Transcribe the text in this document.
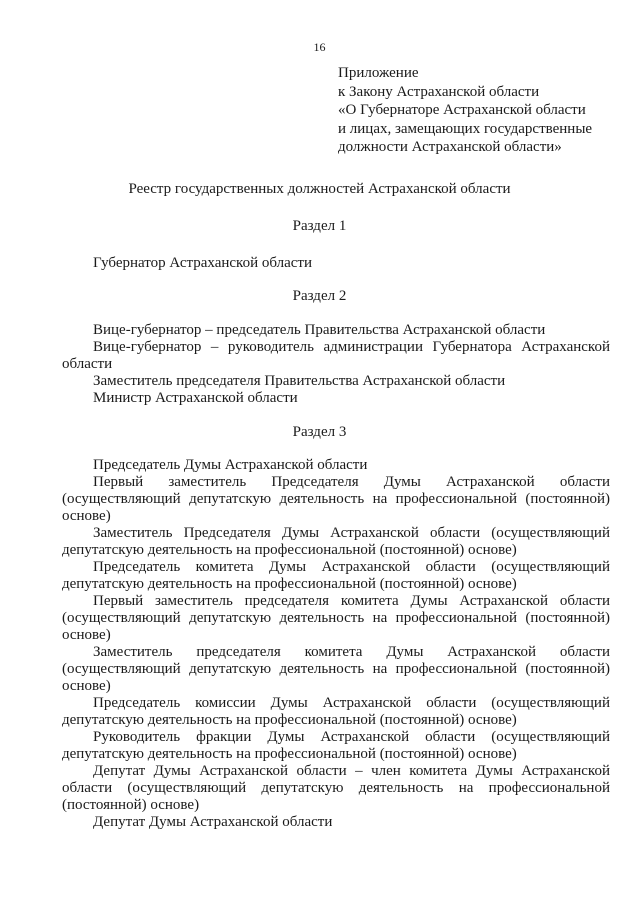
16
Приложение
к Закону Астраханской области
«О Губернаторе Астраханской области
и лицах, замещающих государственные
должности Астраханской области»
Реестр государственных должностей Астраханской области
Раздел 1

Губернатор Астраханской области

Раздел 2

Вице-губернатор – председатель Правительства Астраханской области

Вице-губернатор – руководитель администрации Губернатора Астраханской области

Заместитель председателя Правительства Астраханской области

Министр Астраханской области

Раздел 3

Председатель Думы Астраханской области

Первый заместитель Председателя Думы Астраханской области (осуществляющий депутатскую деятельность на профессиональной (постоянной) основе)

Заместитель Председателя Думы Астраханской области (осуществляющий депутатскую деятельность на профессиональной (постоянной) основе)

Председатель комитета Думы Астраханской области (осуществляющий депутатскую деятельность на профессиональной (постоянной) основе)

Первый заместитель председателя комитета Думы Астраханской области (осуществляющий депутатскую деятельность на профессиональной (постоянной) основе)

Заместитель председателя комитета Думы Астраханской области (осуществляющий депутатскую деятельность на профессиональной (постоянной) основе)

Председатель комиссии Думы Астраханской области (осуществляющий депутатскую деятельность на профессиональной (постоянной) основе)

Руководитель фракции Думы Астраханской области (осуществляющий депутатскую деятельность на профессиональной (постоянной) основе)

Депутат Думы Астраханской области – член комитета Думы Астраханской области (осуществляющий депутатскую деятельность на профессиональной (постоянной) основе)

Депутат Думы Астраханской области
